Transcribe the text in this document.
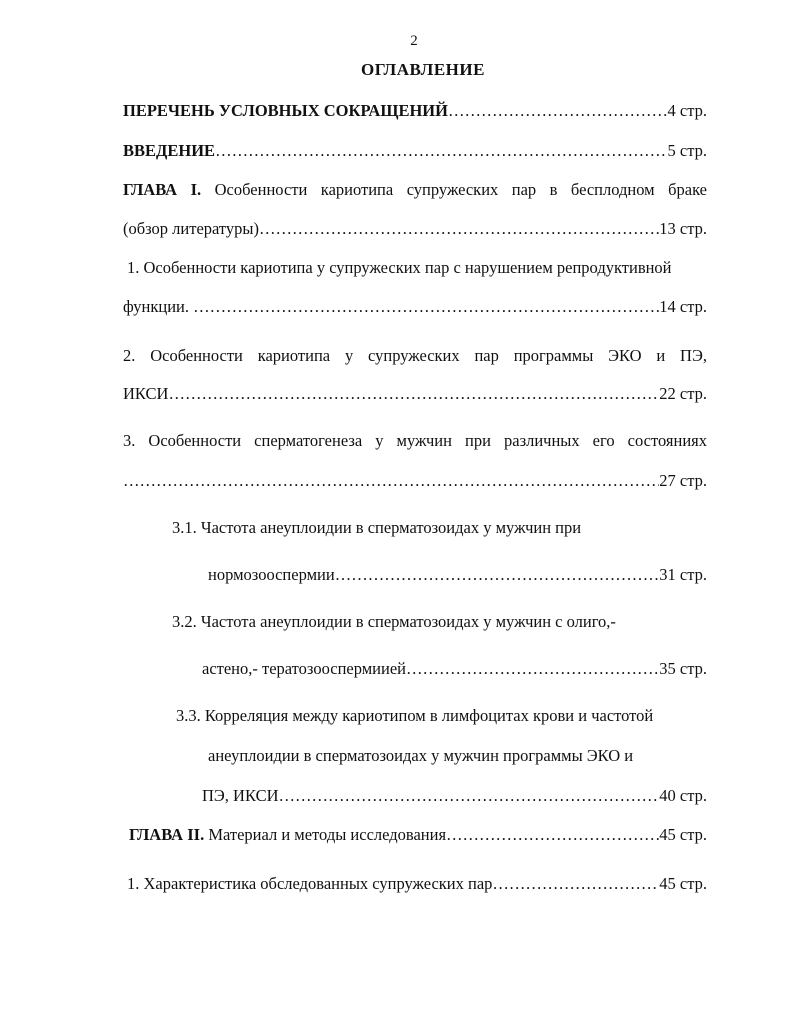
2
ОГЛАВЛЕНИЕ
ПЕРЕЧЕНЬ УСЛОВНЫХ СОКРАЩЕНИЙ …………………………………………………………………………………………………………………………………………………………………	4 стр.
ВВЕДЕНИЕ …………………………………………………………………………………………………………………………………………………………………	5 стр.
ГЛАВА I. Особенности кариотипа супружеских пар в бесплодном браке
(обзор литературы) …………………………………………………………………………………………………………………………………………………………………	13 стр.
1. Особенности кариотипа у супружеских пар с нарушением репродуктивной
функции.
…………………………………………………………………………………………………………………………………………………………………	14 стр.
2. Особенности кариотипа у супружеских пар программы ЭКО и ПЭ,
ИКСИ …………………………………………………………………………………………………………………………………………………………………	22 стр.
3. Особенности сперматогенеза у мужчин при различных его состояниях
…………………………………………………………………………………………………………………………………………………………………
27 стр.
3.1. Частота анеуплоидии в сперматозоидах у мужчин при
нормозооспермии …………………………………………………………………………………………………………………………………………………………………	31 стр.
3.2. Частота анеуплоидии в сперматозоидах у мужчин с олиго,-
астено,- тератозооспермиией …………………………………………………………………………………………………………………………………………………………………	35 стр.
3.3. Корреляция между кариотипом в лимфоцитах крови и частотой
анеуплоидии в сперматозоидах у мужчин программы ЭКО и
ПЭ, ИКСИ …………………………………………………………………………………………………………………………………………………………………	40 стр.
ГЛАВА II.
Материал и методы исследования …………………………………………………………………………………………………………………………………………………………………	45 стр.
1. Характеристика обследованных супружеских пар …………………………………………………………………………………………………………………………………………………………………	45 стр.
